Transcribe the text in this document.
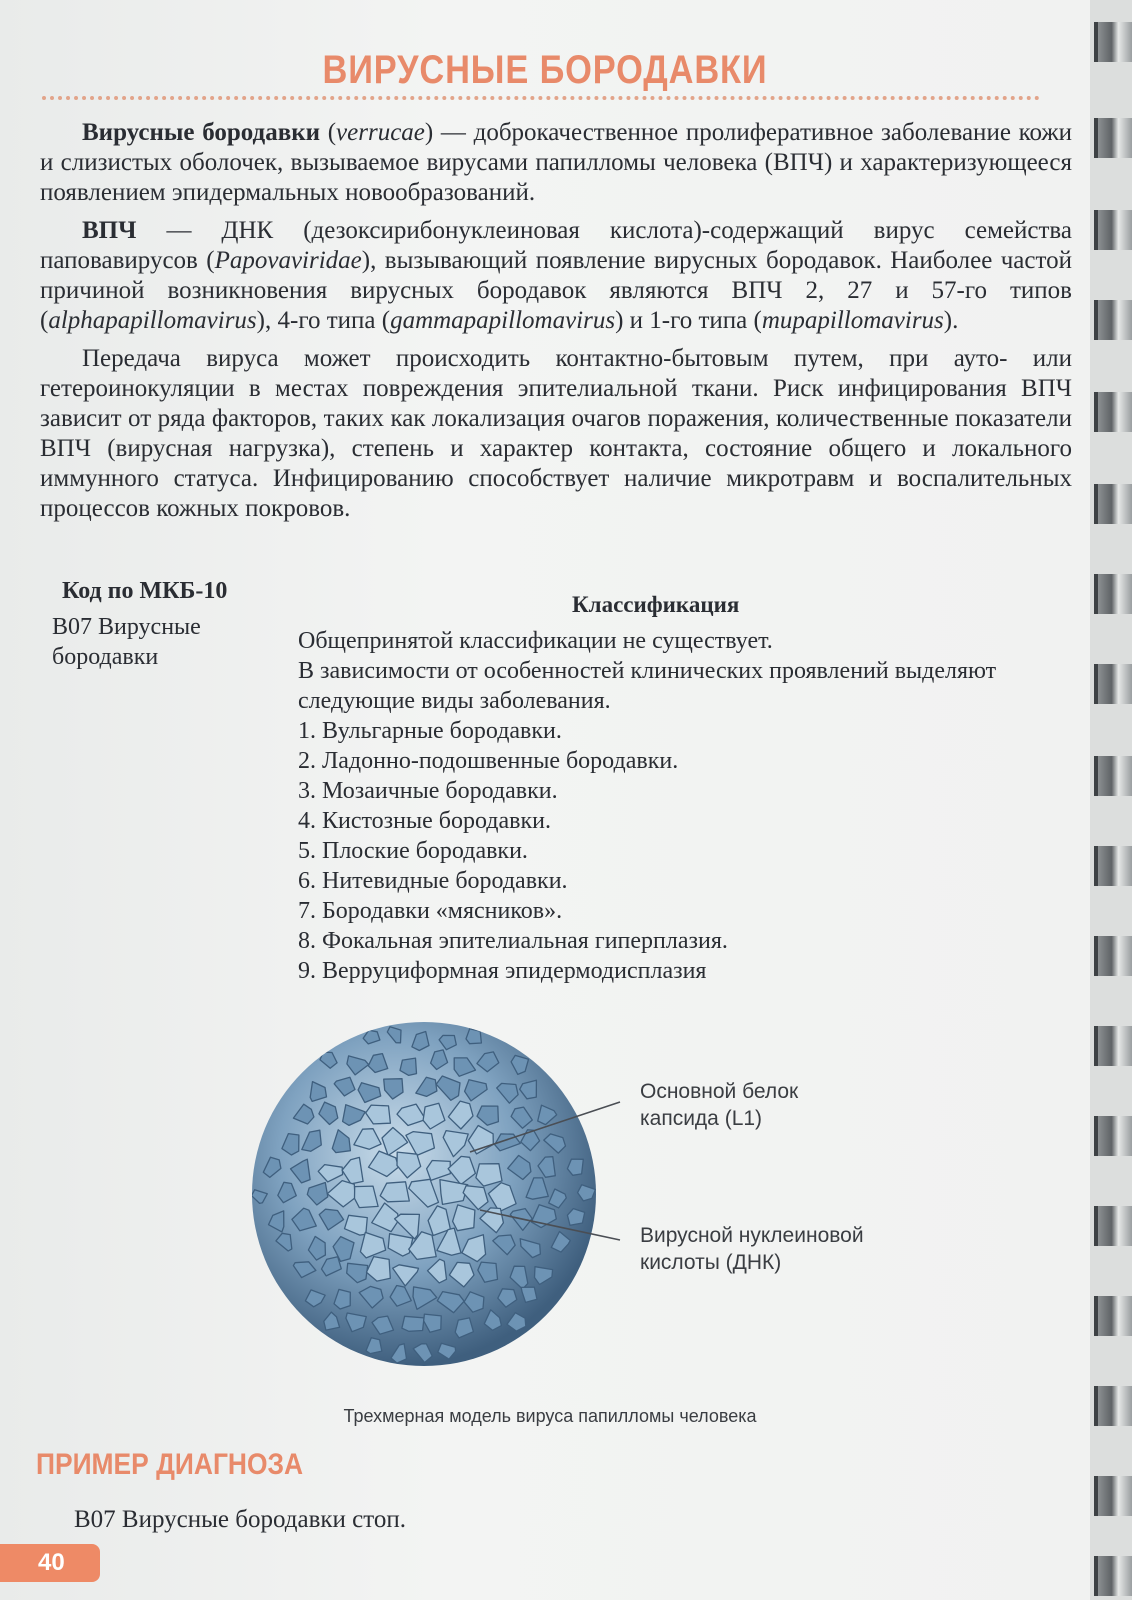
ВИРУСНЫЕ БОРОДАВКИ

Вирусные бородавки (verrucae) — доброкачественное пролиферативное заболевание кожи и слизистых оболочек, вызываемое вирусами папилломы человека (ВПЧ) и характеризующееся появлением эпидермальных новообразований.

ВПЧ — ДНК (дезоксирибонуклеиновая кислота)-содержащий вирус семейства паповавирусов (Papovaviridae), вызывающий появление вирусных бородавок. Наиболее частой причиной возникновения вирусных бородавок являются ВПЧ 2, 27 и 57-го типов (alphapapillomavirus), 4-го типа (gammapapillomavirus) и 1-го типа (mupapillomavirus).

Передача вируса может происходить контактно-бытовым путем, при ауто- или гетероинокуляции в местах повреждения эпителиальной ткани. Риск инфицирования ВПЧ зависит от ряда факторов, таких как локализация очагов поражения, количественные показатели ВПЧ (вирусная нагрузка), степень и характер контакта, состояние общего и локального иммунного статуса. Инфицированию способствует наличие микротравм и воспалительных процессов кожных покровов.

Код по МКБ-10
B07 Вирусные бородавки
Классификация

Общепринятой классификации не существует.

В зависимости от особенностей клинических проявлений выделяют следующие виды заболевания.

1. Вульгарные бородавки.
2. Ладонно-подошвенные бородавки.
3. Мозаичные бородавки.
4. Кистозные бородавки.
5. Плоские бородавки.
6. Нитевидные бородавки.
7. Бородавки «мясников».
8. Фокальная эпителиальная гиперплазия.
9. Верруциформная эпидермодисплазия
Основной белок
капсида (L1)
Вирусной нуклеиновой
кислоты (ДНК)
Трехмерная модель вируса папилломы человека
ПРИМЕР ДИАГНОЗА
B07 Вирусные бородавки стоп.
40
